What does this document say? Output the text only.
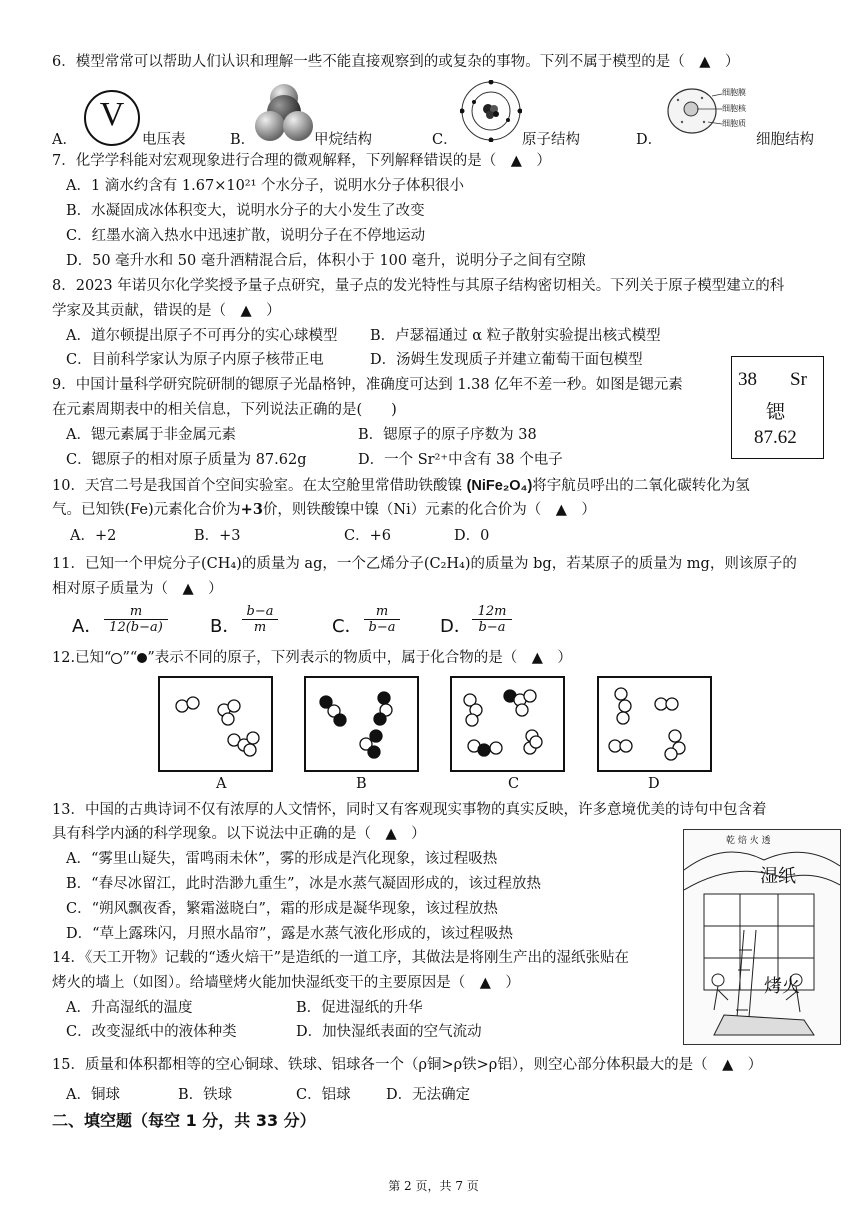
6．模型常常可以帮助人们认识和理解一些不能直接观察到的或复杂的事物。下列不属于模型的是（　▲　）
A．
V
电压表	B．	甲烷结构	C．	原子结构	D．
细胞膜
细胞核
细胞质
细胞结构
7．化学学科能对宏观现象进行合理的微观解释，下列解释错误的是（　▲　）
A．1 滴水约含有 1.67×10²¹ 个水分子，说明水分子体积很小
B．水凝固成冰体积变大，说明水分子的大小发生了改变
C．红墨水滴入热水中迅速扩散，说明分子在不停地运动
D．50 毫升水和 50 毫升酒精混合后，体积小于 100 毫升，说明分子之间有空隙
8．2023 年诺贝尔化学奖授予量子点研究，量子点的发光特性与其原子结构密切相关。下列关于原子模型建立的科
学家及其贡献，错误的是（　▲　）
A．道尔顿提出原子不可再分的实心球模型 B．卢瑟福通过 α 粒子散射实验提出核式模型
C．目前科学家认为原子内原子核带正电	D．汤姆生发现质子并建立葡萄干面包模型
9．中国计量科学研究院研制的锶原子光晶格钟，准确度可达到 1.38 亿年不差一秒。如图是锶元素
在元素周期表中的相关信息，下列说法正确的是(　　)
A．锶元素属于非金属元素	B．锶原子的原子序数为 38
C．锶原子的相对原子质量为 87.62g	D．一个 Sr²⁺中含有 38 个电子
38 Sr
锶
87.62
10．天宫二号是我国首个空间实验室。在太空舱里常借助铁酸镍 (NiFe₂O₄)将宇航员呼出的二氧化碳转化为氢
气。已知铁(Fe)元素化合价为+3价，则铁酸镍中镍（Ni）元素的化合价为（　▲　）
A．+2	B．+3	C．+6	D．0
11．已知一个甲烷分子(CH₄)的质量为 ag，一个乙烯分子(C₂H₄)的质量为 bg，若某原子的质量为 mg，则该原子的
相对原子质量为（　▲　）
A． $\frac{m}{12(b-a)}$ B． $\frac{b-a}{m}$	C． $\frac{m}{b-a}$ D． $\frac{12m}{b-a}$
12.已知“ ”“ ”表示不同的原子，下列表示的物质中，属于化合物的是（　▲　）
A	B	C	D
13．中国的古典诗词不仅有浓厚的人文情怀，同时又有客观现实事物的真实反映，许多意境优美的诗句中包含着
具有科学内涵的科学现象。以下说法中正确的是（　▲　）
A．“雾里山疑失，雷鸣雨未休”，雾的形成是汽化现象，该过程吸热
B．“春尽冰留江，此时浩渺九重生”，冰是水蒸气凝固形成的，该过程放热
C．“朔风飘夜香，繁霜滋晓白”，霜的形成是凝华现象，该过程放热
D．“草上露珠闪，月照水晶帘”，露是水蒸气液化形成的，该过程吸热
乾 焙 火 透
湿纸
烤火
14．《天工开物》记载的“透火焙干”是造纸的一道工序，其做法是将刚生产出的湿纸张贴在
烤火的墙上（如图）。给墙壁烤火能加快湿纸变干的主要原因是（　▲　）
A．升高湿纸的温度	B．促进湿纸的升华
C．改变湿纸中的液体种类	D．加快湿纸表面的空气流动
15．质量和体积都相等的空心铜球、铁球、铝球各一个（ρ铜>ρ铁>ρ铝），则空心部分体积最大的是（　▲　）
A．铜球	B．铁球	C．铝球 D．无法确定
二、填空题（每空 1 分，共 33 分）
第 2 页，共 7 页
